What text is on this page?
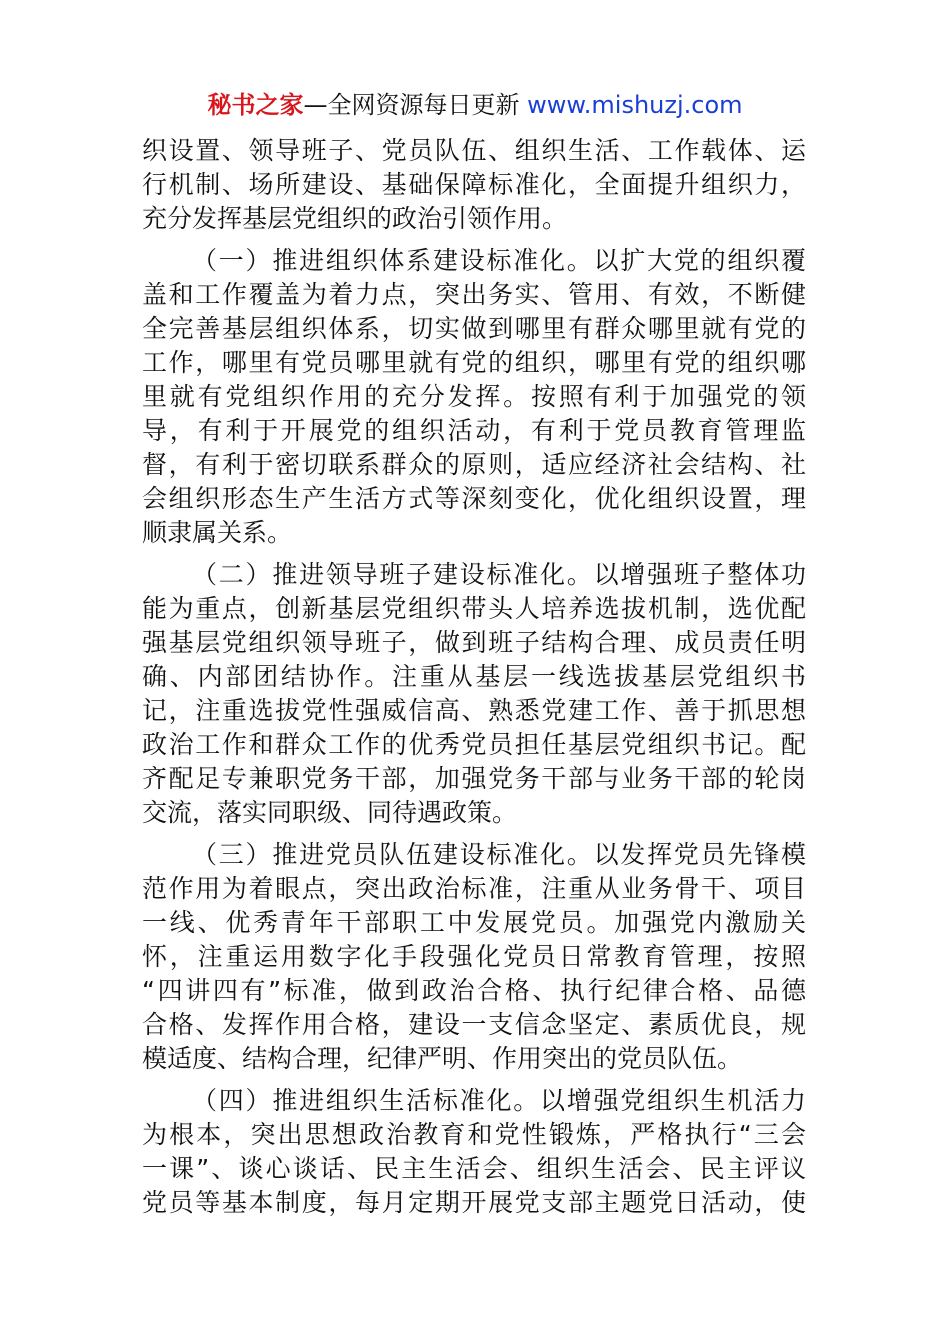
秘书之家—全网资源每日更新 www.mishuzj.com
织设置、领导班子、党员队伍、组织生活、工作载体、运
行机制、场所建设、基础保障标准化，全面提升组织力，
充分发挥基层党组织的政治引领作用。
（一）推进组织体系建设标准化。以扩大党的组织覆
盖和工作覆盖为着力点，突出务实、管用、有效，不断健
全完善基层组织体系，切实做到哪里有群众哪里就有党的
工作，哪里有党员哪里就有党的组织，哪里有党的组织哪
里就有党组织作用的充分发挥。按照有利于加强党的领
导，有利于开展党的组织活动，有利于党员教育管理监
督，有利于密切联系群众的原则，适应经济社会结构、社
会组织形态生产生活方式等深刻变化，优化组织设置，理
顺隶属关系。
（二）推进领导班子建设标准化。以增强班子整体功
能为重点，创新基层党组织带头人培养选拔机制，选优配
强基层党组织领导班子，做到班子结构合理、成员责任明
确、内部团结协作。注重从基层一线选拔基层党组织书
记，注重选拔党性强威信高、熟悉党建工作、善于抓思想
政治工作和群众工作的优秀党员担任基层党组织书记。配
齐配足专兼职党务干部，加强党务干部与业务干部的轮岗
交流，落实同职级、同待遇政策。
（三）推进党员队伍建设标准化。以发挥党员先锋模
范作用为着眼点，突出政治标准，注重从业务骨干、项目
一线、优秀青年干部职工中发展党员。加强党内激励关
怀，注重运用数字化手段强化党员日常教育管理，按照
“四讲四有”标准，做到政治合格、执行纪律合格、品德
合格、发挥作用合格，建设一支信念坚定、素质优良，规
模适度、结构合理，纪律严明、作用突出的党员队伍。
（四）推进组织生活标准化。以增强党组织生机活力
为根本，突出思想政治教育和党性锻炼，严格执行“三会
一课”、谈心谈话、民主生活会、组织生活会、民主评议
党员等基本制度，每月定期开展党支部主题党日活动，使
